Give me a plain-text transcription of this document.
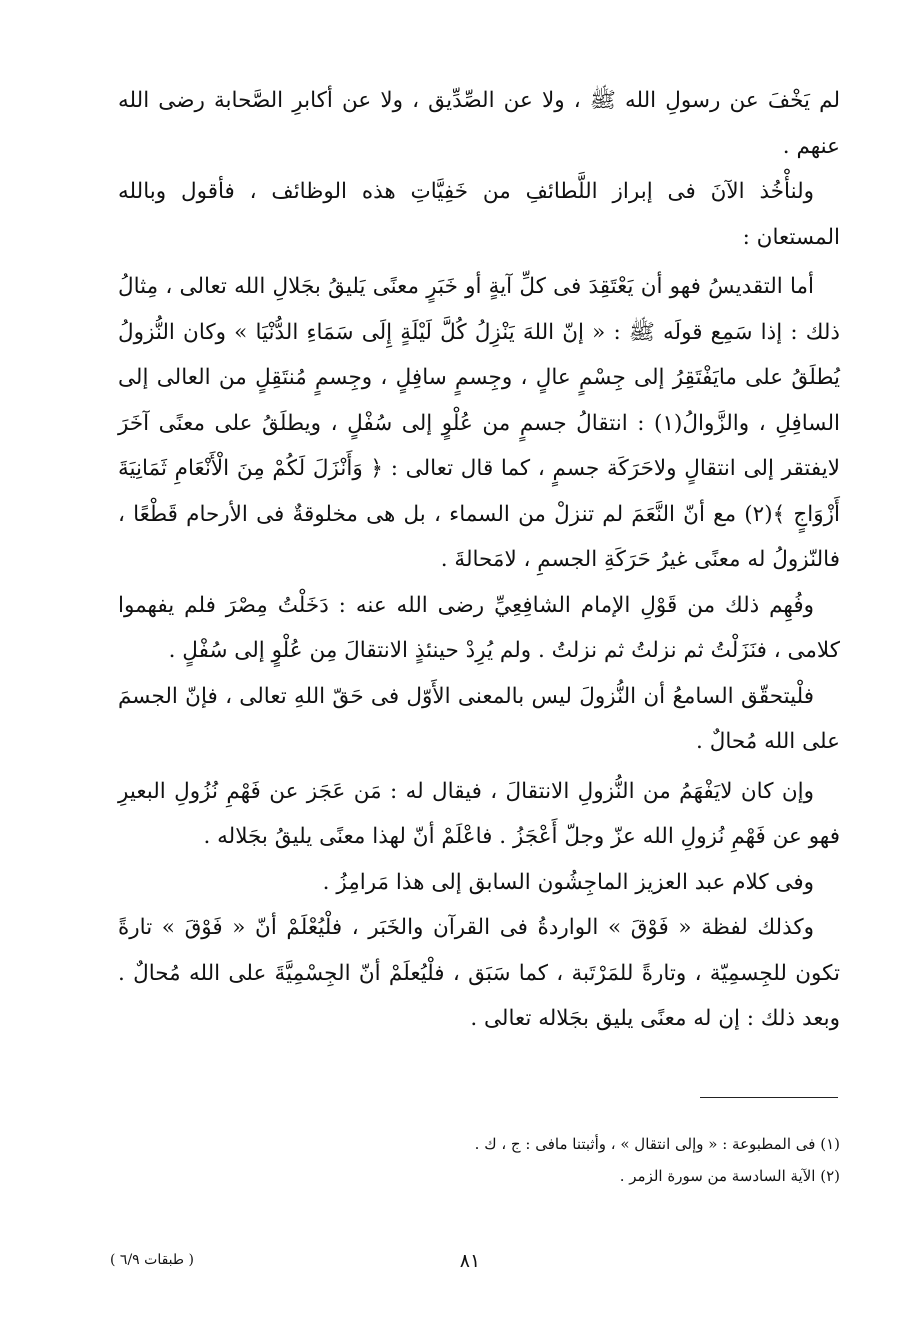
لم يَخْفَ عن رسولِ الله ﷺ ، ولا عن الصِّدِّيق ، ولا عن أكابرِ الصَّحابة رضى الله عنهم .

ولنأْخُذ الآنَ فى إبراز اللَّطائفِ من خَفِيَّاتِ هذه الوظائف ، فأقول وبالله المستعان :

أما التقديسُ فهو أن يَعْتَقِدَ فى كلِّ آيةٍ أو خَبَرٍ معنًى يَليقُ بجَلالِ الله تعالى ، مِثالُ ذلك : إذا سَمِع قولَه ﷺ : « إنّ اللهَ يَنْزِلُ كُلَّ لَيْلَةٍ إِلَى سَمَاءِ الدُّنْيَا » وكان النُّزولُ يُطلَقُ على مايَفْتَقِرُ إلى جِسْمٍ عالٍ ، وجِسمٍ سافِلٍ ، وجِسمٍ مُنتَقِلٍ من العالى إلى السافِلِ ، والزَّوالُ(١) : انتقالُ جسمٍ من عُلْوٍ إلى سُفْلٍ ، ويطلَقُ على معنًى آخَرَ لايفتقر إلى انتقالٍ ولاحَرَكَة جسمٍ ، كما قال تعالى : ﴿ وَأَنْزَلَ لَكُمْ مِنَ الْأَنْعَامِ ثَمَانِيَةَ أَزْوَاجٍ ﴾(٢) مع أنّ النَّعَمَ لم تنزلْ من السماء ، بل هى مخلوقةٌ فى الأرحام قَطْعًا ، فالنّزولُ له معنًى غيرُ حَرَكَةِ الجسمِ ، لامَحالةَ .

وفُهِم ذلك من قَوْلِ الإمام الشافِعِيِّ رضى الله عنه : دَخَلْتُ مِصْرَ فلم يفهموا كلامى ، فنَزَلْتُ ثم نزلتُ ثم نزلتُ . ولم يُرِدْ حينئذٍ الانتقالَ مِن عُلْوٍ إلى سُفْلٍ .

فلْيتحقّق السامعُ أن النُّزولَ ليس بالمعنى الأَوّل فى حَقّ اللهِ تعالى ، فإنّ الجسمَ على الله مُحالٌ .

وإن كان لايَفْهَمُ من النُّزولِ الانتقالَ ، فيقال له : مَن عَجَز عن فَهْمِ نُزُولِ البعيرِ فهو عن فَهْمِ نُزولِ الله عزّ وجلّ أَعْجَزُ . فاعْلَمْ أنّ لهذا معنًى يليقُ بجَلاله .

وفى كلام عبد العزيز الماجِشُون السابق إلى هذا مَرامِزُ .

وكذلك لفظة « فَوْقَ » الواردةُ فى القرآن والخَبَر ، فلْيُعْلَمْ أنّ « فَوْقَ » تارةً تكون للجِسمِيّة ، وتارةً للمَرْتَبة ، كما سَبَق ، فلْيُعلَمْ أنّ الجِسْمِيَّةَ على الله مُحالٌ . وبعد ذلك : إن له معنًى يليق بجَلاله تعالى .

(١) فى المطبوعة : « وإلى انتقال » ، وأثبتنا مافى : ج ، ك .

(٢) الآية السادسة من سورة الزمر .

٨١
( طبقات ٦/٩ )
